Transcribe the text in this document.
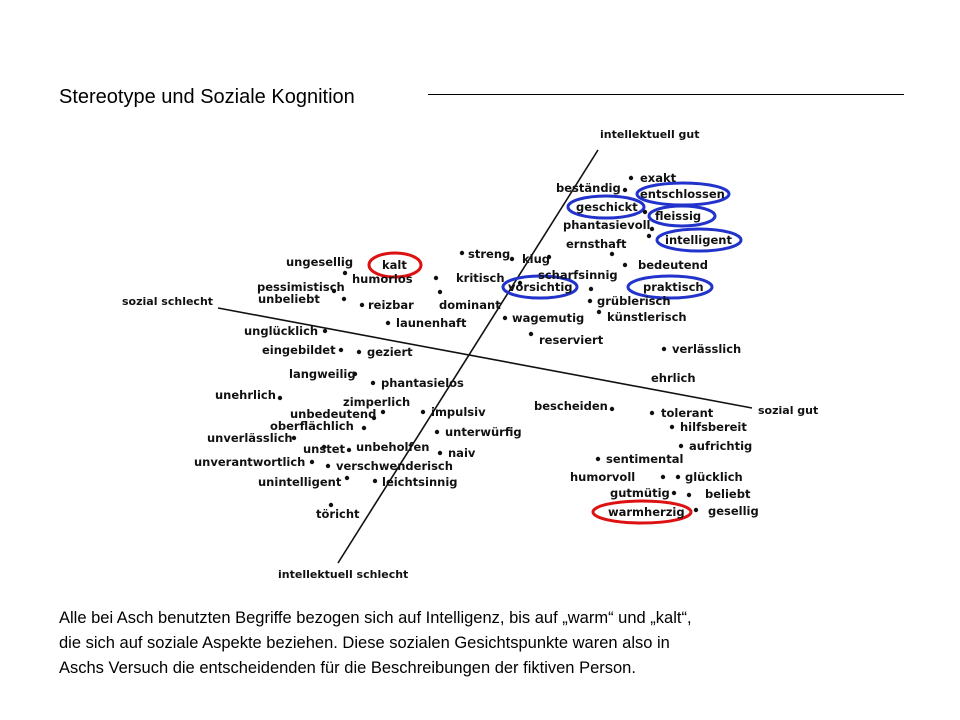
Stereotype und Soziale Kognition
intellektuell gut
intellektuell schlecht
sozial schlecht
sozial gut
exakt
beständig entschlossen
geschickt
fleissig
phantasievoll
intelligent
ernsthaft
ungesellig	kalt
streng klug	bedeutend
humorlos	kritisch	scharfsinnig
pessimistisch	vorsichtig	praktisch
unbeliebt	reizbar dominant	grüblerisch
wagemutig künstlerisch
launenhaft
unglücklich
reserviert
eingebildet	geziert	verlässlich
langweilig
phantasielos	ehrlich
unehrlich	zimperlich	bescheiden
unbedeutend	impulsiv	tolerant
oberflächlich	hilfsbereit
unterwürfig
unverlässlich
aufrichtig
unstet unbeholfen naiv	sentimental
unverantwortlich	verschwenderisch
glücklich
humorvoll
unintelligent	leichtsinnig
gutmütig	beliebt
warmherzig gesellig
töricht

Alle bei Asch benutzten Begriffe bezogen sich auf Intelligenz, bis auf „warm“ und „kalt“,
die sich auf soziale Aspekte beziehen. Diese sozialen Gesichtspunkte waren also in
Aschs Versuch die entscheidenden für die Beschreibungen der fiktiven Person.
